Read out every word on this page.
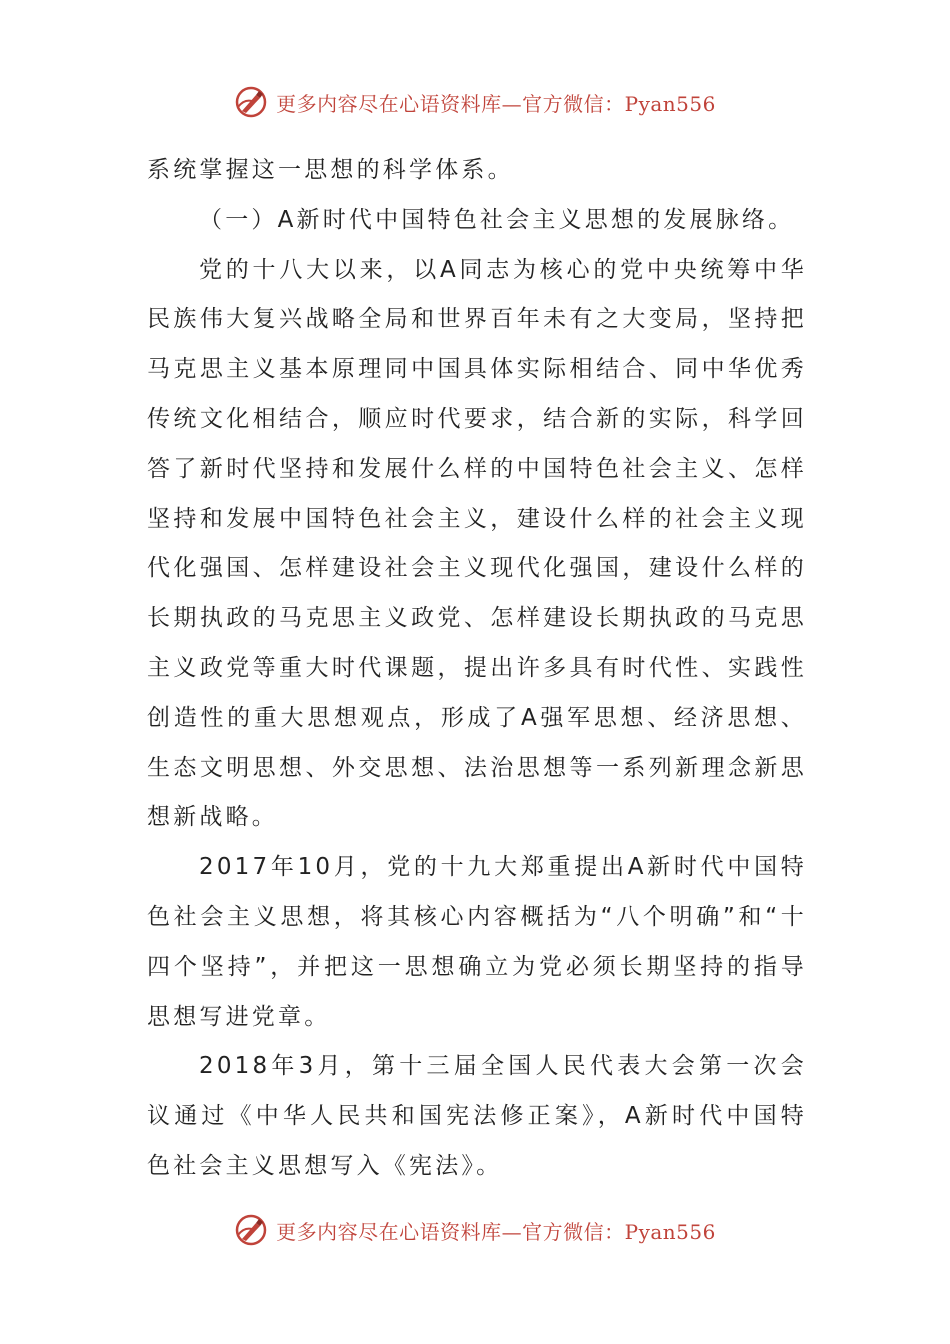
更多内容尽在心语资料库—官方微信：Pyan556

系统掌握这一思想的科学体系。

（一）A新时代中国特色社会主义思想的发展脉络。

党的十八大以来，以A同志为核心的党中央统筹中华民族伟大复兴战略全局和世界百年未有之大变局，坚持把马克思主义基本原理同中国具体实际相结合、同中华优秀传统文化相结合，顺应时代要求，结合新的实际，科学回答了新时代坚持和发展什么样的中国特色社会主义、怎样坚持和发展中国特色社会主义，建设什么样的社会主义现代化强国、怎样建设社会主义现代化强国，建设什么样的长期执政的马克思主义政党、怎样建设长期执政的马克思主义政党等重大时代课题，提出许多具有时代性、实践性创造性的重大思想观点，形成了A强军思想、经济思想、生态文明思想、外交思想、法治思想等一系列新理念新思想新战略。

2017年10月，党的十九大郑重提出A新时代中国特色社会主义思想，将其核心内容概括为“八个明确”和“十四个坚持”，并把这一思想确立为党必须长期坚持的指导思想写进党章。

2018年3月，第十三届全国人民代表大会第一次会议通过《中华人民共和国宪法修正案》，A新时代中国特色社会主义思想写入《宪法》。

更多内容尽在心语资料库—官方微信：Pyan556
